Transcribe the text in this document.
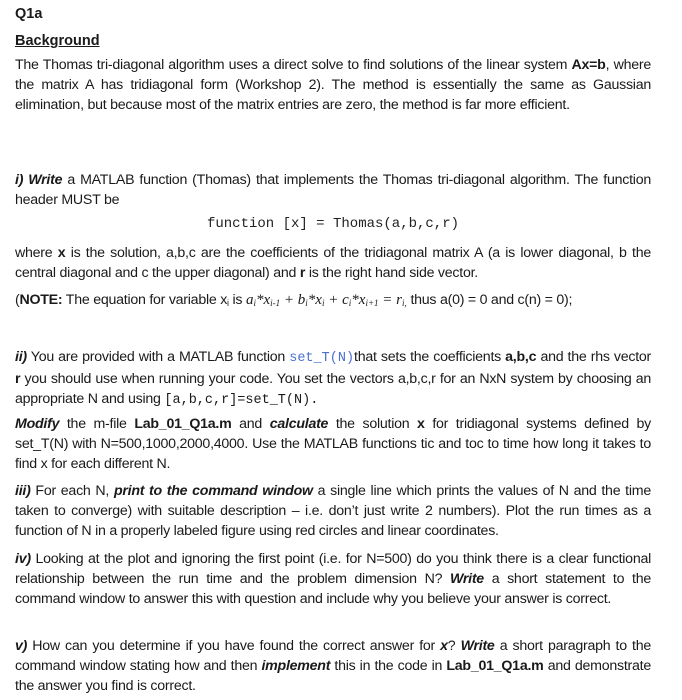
Q1a
Background

The Thomas tri-diagonal algorithm uses a direct solve to find solutions of the linear system Ax=b, where the matrix A has tridiagonal form (Workshop 2). The method is essentially the same as Gaussian elimination, but because most of the matrix entries are zero, the method is far more efficient.

i) Write a MATLAB function (Thomas) that implements the Thomas tri-diagonal algorithm. The function header MUST be

function [x] = Thomas(a,b,c,r)

where x is the solution, a,b,c are the coefficients of the tridiagonal matrix A (a is lower diagonal, b the central diagonal and c the upper diagonal) and r is the right hand side vector.

(NOTE: The equation for variable $x_i$ is $a_i*x_{i-1} + b_i*x_i + c_i*x_{i+1} = r_{i,}$ thus a(0) = 0 and c(n) = 0);

ii) You are provided with a MATLAB function set_T(N)that sets the coefficients a,b,c and the rhs vector r you should use when running your code. You set the vectors a,b,c,r for an NxN system by choosing an appropriate N and using [a,b,c,r]=set_T(N).

Modify the m-file Lab_01_Q1a.m and calculate the solution x for tridiagonal systems defined by set_T(N) with N=500,1000,2000,4000. Use the MATLAB functions tic and toc to time how long it takes to find x for each different N.

iii) For each N, print to the command window a single line which prints the values of N and the time taken to converge) with suitable description – i.e. don’t just write 2 numbers). Plot the run times as a function of N in a properly labeled figure using red circles and linear coordinates.

iv) Looking at the plot and ignoring the first point (i.e. for N=500) do you think there is a clear functional relationship between the run time and the problem dimension N? Write a short statement to the command window to answer this with question and include why you believe your answer is correct.

v) How can you determine if you have found the correct answer for x? Write a short paragraph to the command window stating how and then implement this in the code in Lab_01_Q1a.m and demonstrate the answer you find is correct.
